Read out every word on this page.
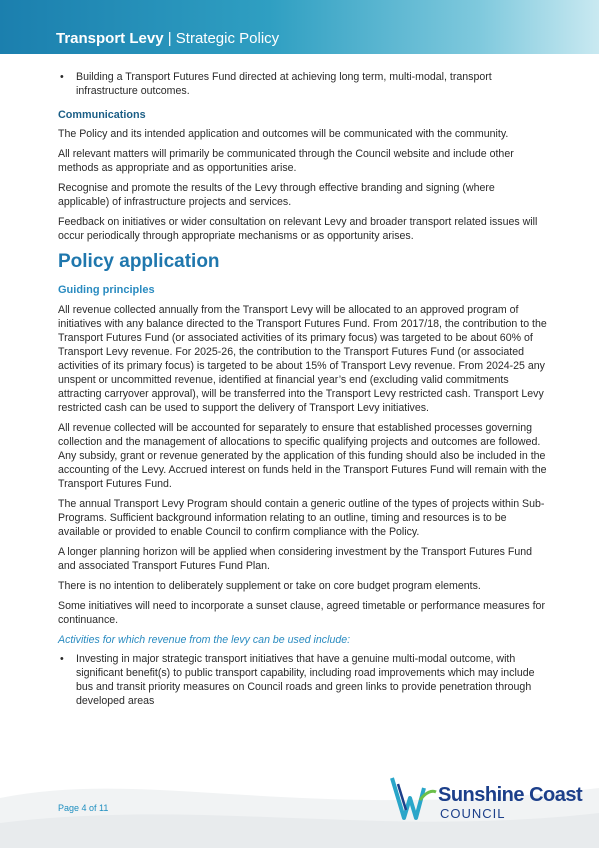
Transport Levy | Strategic Policy
• Building a Transport Futures Fund directed at achieving long term, multi-modal, transport infrastructure outcomes.
Communications

The Policy and its intended application and outcomes will be communicated with the community.

All relevant matters will primarily be communicated through the Council website and include other methods as appropriate and as opportunities arise.

Recognise and promote the results of the Levy through effective branding and signing (where applicable) of infrastructure projects and services.

Feedback on initiatives or wider consultation on relevant Levy and broader transport related issues will occur periodically through appropriate mechanisms or as opportunity arises.

Policy application
Guiding principles

All revenue collected annually from the Transport Levy will be allocated to an approved program of initiatives with any balance directed to the Transport Futures Fund. From 2017/18, the contribution to the Transport Futures Fund (or associated activities of its primary focus) was targeted to be about 60% of Transport Levy revenue. For 2025-26, the contribution to the Transport Futures Fund (or associated activities of its primary focus) is targeted to be about 15% of Transport Levy revenue. From 2024-25 any unspent or uncommitted revenue, identified at financial year’s end (excluding valid commitments attracting carryover approval), will be transferred into the Transport Levy restricted cash. Transport Levy restricted cash can be used to support the delivery of Transport Levy initiatives.

All revenue collected will be accounted for separately to ensure that established processes governing collection and the management of allocations to specific qualifying projects and outcomes are followed. Any subsidy, grant or revenue generated by the application of this funding should also be included in the accounting of the Levy. Accrued interest on funds held in the Transport Futures Fund will remain with the Transport Futures Fund.

The annual Transport Levy Program should contain a generic outline of the types of projects within Sub-Programs. Sufficient background information relating to an outline, timing and resources is to be available or provided to enable Council to confirm compliance with the Policy.

A longer planning horizon will be applied when considering investment by the Transport Futures Fund and associated Transport Futures Fund Plan.

There is no intention to deliberately supplement or take on core budget program elements.

Some initiatives will need to incorporate a sunset clause, agreed timetable or performance measures for continuance.

Activities for which revenue from the levy can be used include:
• Investing in major strategic transport initiatives that have a genuine multi-modal outcome, with significant benefit(s) to public transport capability, including road improvements which may include bus and transit priority measures on Council roads and green links to provide penetration through developed areas
Page 4 of 11
Sunshine Coast
COUNCIL
